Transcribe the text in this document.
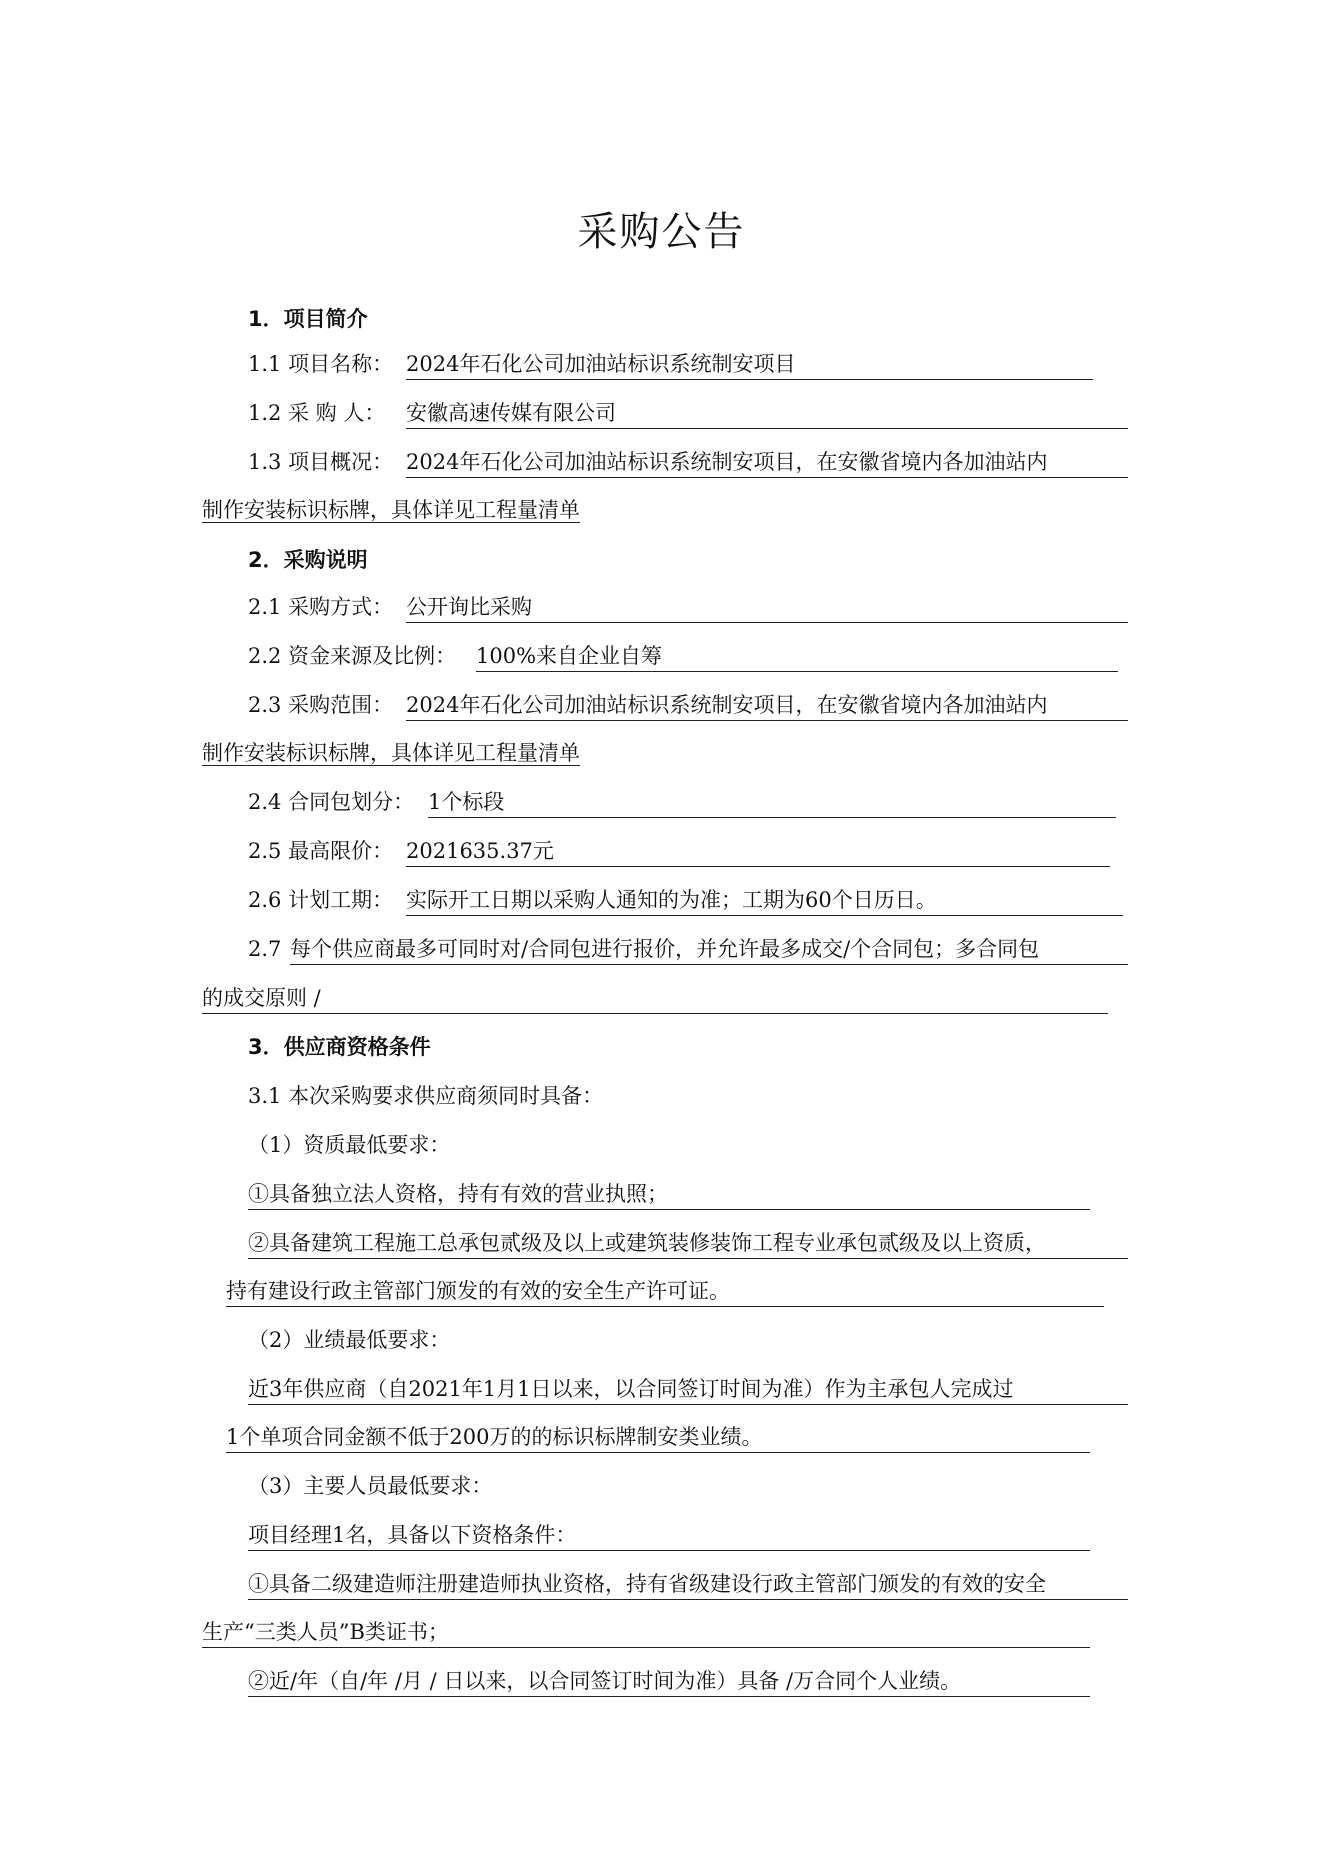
采购公告
1．项目简介
1.1 项目名称： 2024年石化公司加油站标识系统制安项目
1.2 采 购 人： 安徽高速传媒有限公司
1.3 项目概况： 2024年石化公司加油站标识系统制安项目，在安徽省境内各加油站内
制作安装标识标牌，具体详见工程量清单
2．采购说明
2.1 采购方式： 公开询比采购
2.2 资金来源及比例： 100%来自企业自筹
2.3 采购范围： 2024年石化公司加油站标识系统制安项目，在安徽省境内各加油站内
制作安装标识标牌，具体详见工程量清单
2.4 合同包划分： 1个标段
2.5 最高限价： 2021635.37元
2.6 计划工期： 实际开工日期以采购人通知的为准；工期为60个日历日。
2.7 每个供应商最多可同时对/合同包进行报价，并允许最多成交/个合同包；多合同包
的成交原则 /
3．供应商资格条件
3.1 本次采购要求供应商须同时具备：
（1）资质最低要求：
①具备独立法人资格，持有有效的营业执照；
②具备建筑工程施工总承包贰级及以上或建筑装修装饰工程专业承包贰级及以上资质，
持有建设行政主管部门颁发的有效的安全生产许可证。
（2）业绩最低要求：
近3年供应商（自2021年1月1日以来，以合同签订时间为准）作为主承包人完成过
1个单项合同金额不低于200万的的标识标牌制安类业绩。
（3）主要人员最低要求：
项目经理1名，具备以下资格条件：
①具备二级建造师注册建造师执业资格，持有省级建设行政主管部门颁发的有效的安全
生产“三类人员”B类证书；
②近/年（自/年 /月 / 日以来，以合同签订时间为准）具备 /万合同个人业绩。
